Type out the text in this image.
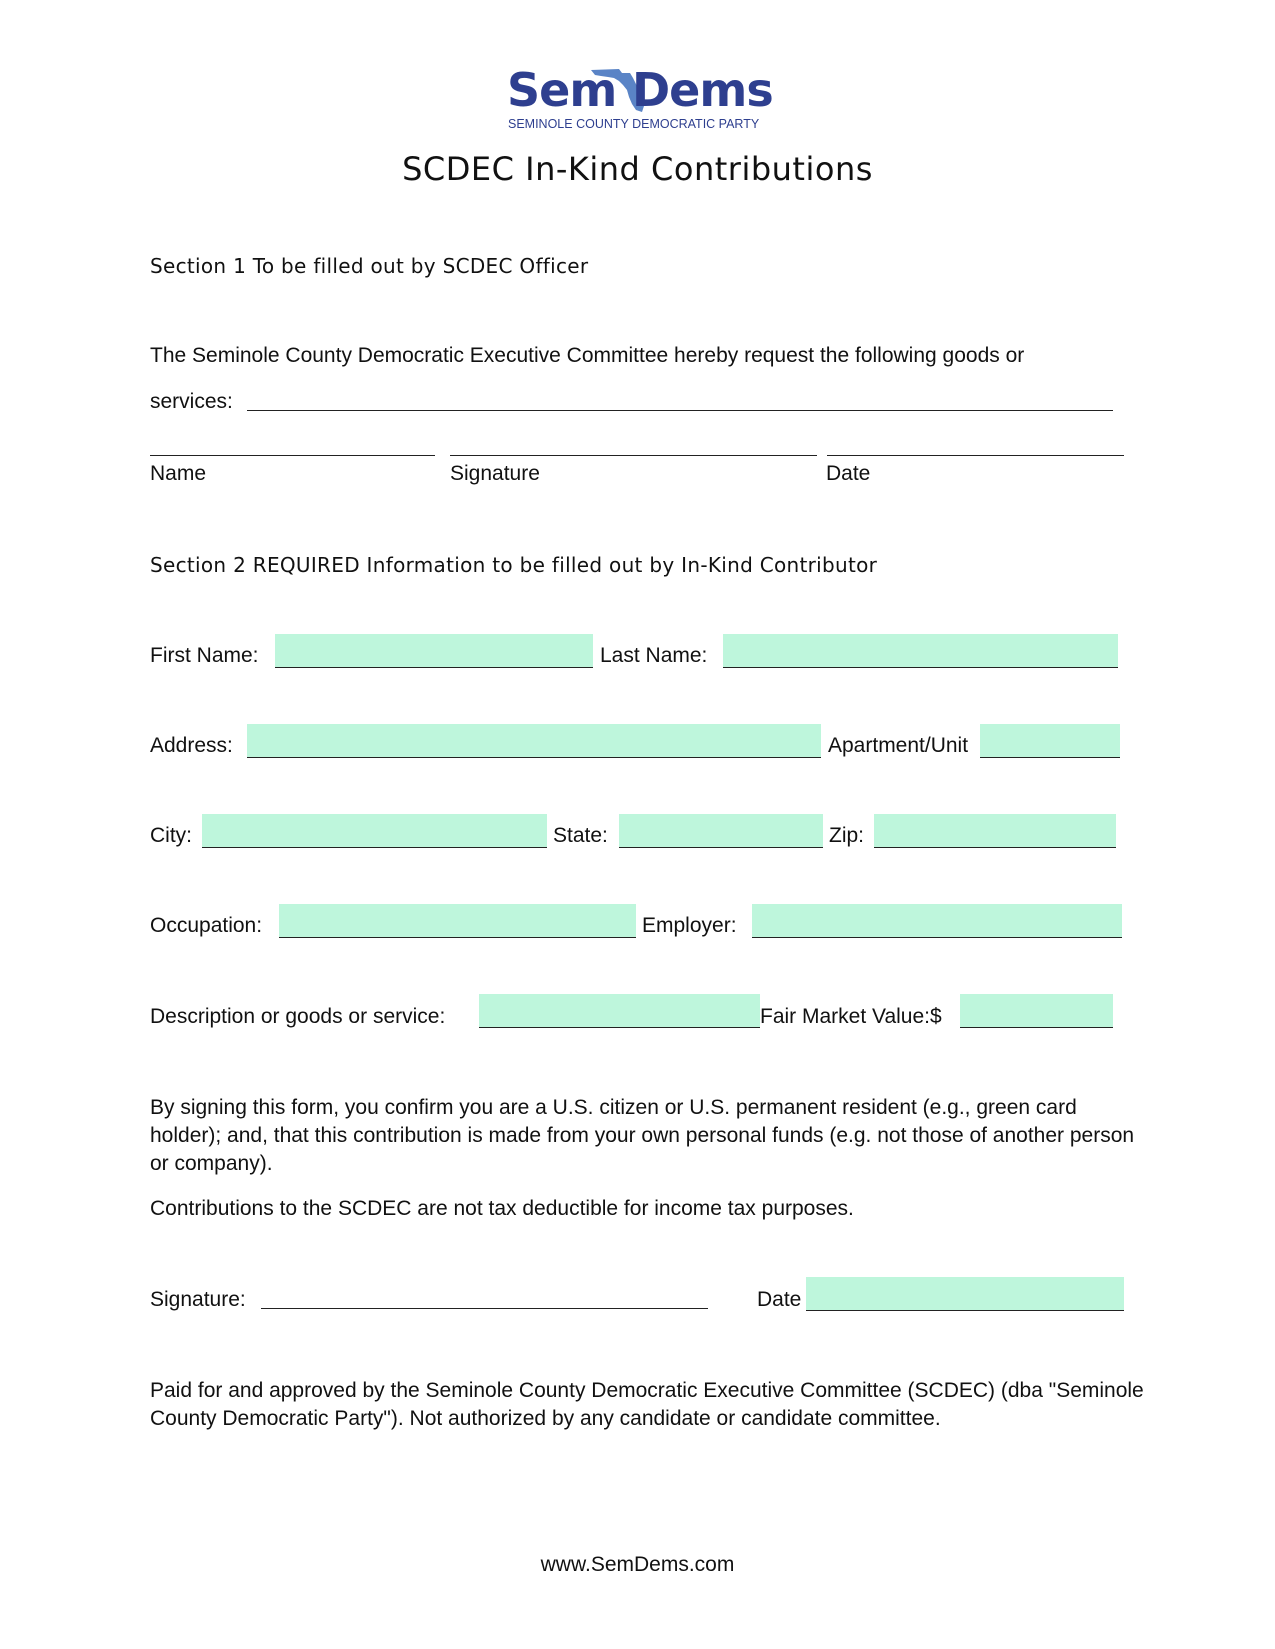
Sem Dems
SEMINOLE COUNTY DEMOCRATIC PARTY
SCDEC In-Kind Contributions
Section 1 To be filled out by SCDEC Officer
The Seminole County Democratic Executive Committee hereby request the following goods or
services:
Name	Signature	Date
Section 2 REQUIRED Information to be filled out by In-Kind Contributor
First Name:	Last Name:
Address:	Apartment/Unit
City:	State:	Zip:
Occupation:	Employer:
Description or goods or service:	Fair Market Value:$
By signing this form, you confirm you are a U.S. citizen or U.S. permanent resident (e.g., green card holder); and, that this contribution is made from your own personal funds (e.g. not those of another person or company).
Contributions to the SCDEC are not tax deductible for income tax purposes.
Signature:	Date
Paid for and approved by the Seminole County Democratic Executive Committee (SCDEC) (dba "Seminole County Democratic Party"). Not authorized by any candidate or candidate committee.
www.SemDems.com
